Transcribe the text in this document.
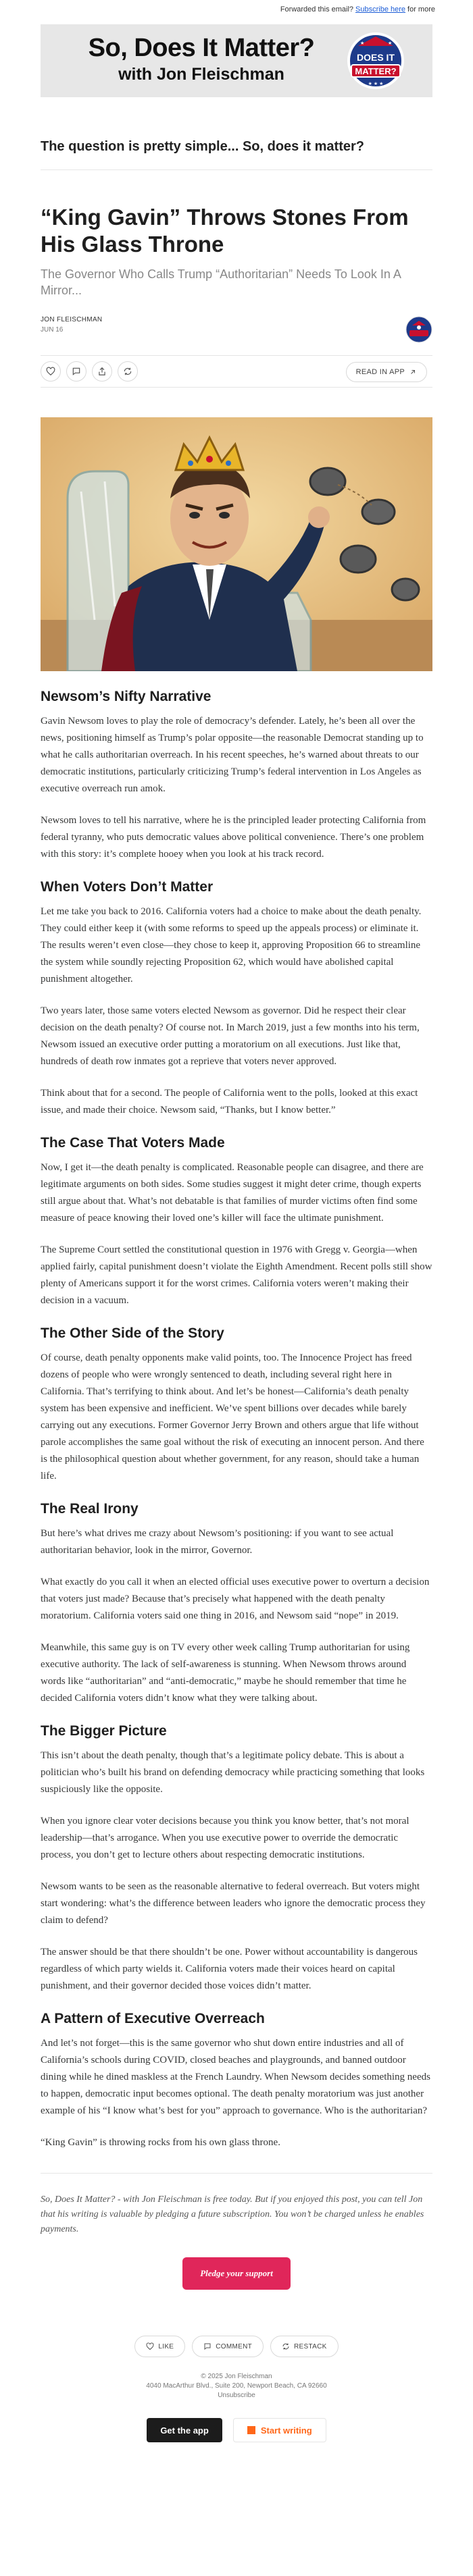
Forwarded this email? Subscribe here for more
So, Does It Matter?
with Jon Fleischman
★	★
DOES IT
MATTER?
★ ★ ★
The question is pretty simple... So, does it matter?
“King Gavin” Throws Stones From His Glass Throne
The Governor Who Calls Trump “Authoritarian” Needs To Look In A Mirror...
JON FLEISCHMAN
JUN 16
READ IN APP
Newsom’s Nifty Narrative

Gavin Newsom loves to play the role of democracy’s defender. Lately, he’s been all over the news, positioning himself as Trump’s polar opposite—the reasonable Democrat standing up to what he calls authoritarian overreach. In his recent speeches, he’s warned about threats to our democratic institutions, particularly criticizing Trump’s federal intervention in Los Angeles as executive overreach run amok.

Newsom loves to tell his narrative, where he is the principled leader protecting California from federal tyranny, who puts democratic values above political convenience. There’s one problem with this story: it’s complete hooey when you look at his track record.

When Voters Don’t Matter

Let me take you back to 2016. California voters had a choice to make about the death penalty. They could either keep it (with some reforms to speed up the appeals process) or eliminate it. The results weren’t even close—they chose to keep it, approving Proposition 66 to streamline the system while soundly rejecting Proposition 62, which would have abolished capital punishment altogether.

Two years later, those same voters elected Newsom as governor. Did he respect their clear decision on the death penalty? Of course not. In March 2019, just a few months into his term, Newsom issued an executive order putting a moratorium on all executions. Just like that, hundreds of death row inmates got a reprieve that voters never approved.

Think about that for a second. The people of California went to the polls, looked at this exact issue, and made their choice. Newsom said, “Thanks, but I know better.”

The Case That Voters Made

Now, I get it—the death penalty is complicated. Reasonable people can disagree, and there are legitimate arguments on both sides. Some studies suggest it might deter crime, though experts still argue about that. What’s not debatable is that families of murder victims often find some measure of peace knowing their loved one’s killer will face the ultimate punishment.

The Supreme Court settled the constitutional question in 1976 with Gregg v. Georgia—when applied fairly, capital punishment doesn’t violate the Eighth Amendment. Recent polls still show plenty of Americans support it for the worst crimes. California voters weren’t making their decision in a vacuum.

The Other Side of the Story

Of course, death penalty opponents make valid points, too. The Innocence Project has freed dozens of people who were wrongly sentenced to death, including several right here in California. That’s terrifying to think about. And let’s be honest—California’s death penalty system has been expensive and inefficient. We’ve spent billions over decades while barely carrying out any executions. Former Governor Jerry Brown and others argue that life without parole accomplishes the same goal without the risk of executing an innocent person. And there is the philosophical question about whether government, for any reason, should take a human life.

The Real Irony

But here’s what drives me crazy about Newsom’s positioning: if you want to see actual authoritarian behavior, look in the mirror, Governor.

What exactly do you call it when an elected official uses executive power to overturn a decision that voters just made? Because that’s precisely what happened with the death penalty moratorium. California voters said one thing in 2016, and Newsom said “nope” in 2019.

Meanwhile, this same guy is on TV every other week calling Trump authoritarian for using executive authority. The lack of self-awareness is stunning. When Newsom throws around words like “authoritarian” and “anti-democratic,” maybe he should remember that time he decided California voters didn’t know what they were talking about.

The Bigger Picture

This isn’t about the death penalty, though that’s a legitimate policy debate. This is about a politician who’s built his brand on defending democracy while practicing something that looks suspiciously like the opposite.

When you ignore clear voter decisions because you think you know better, that’s not moral leadership—that’s arrogance. When you use executive power to override the democratic process, you don’t get to lecture others about respecting democratic institutions.

Newsom wants to be seen as the reasonable alternative to federal overreach. But voters might start wondering: what’s the difference between leaders who ignore the democratic process they claim to defend?

The answer should be that there shouldn’t be one. Power without accountability is dangerous regardless of which party wields it. California voters made their voices heard on capital punishment, and their governor decided those voices didn’t matter.

A Pattern of Executive Overreach

And let’s not forget—this is the same governor who shut down entire industries and all of California’s schools during COVID, closed beaches and playgrounds, and banned outdoor dining while he dined maskless at the French Laundry. When Newsom decides something needs to happen, democratic input becomes optional. The death penalty moratorium was just another example of his “I know what’s best for you” approach to governance. Who is the authoritarian?

“King Gavin” is throwing rocks from his own glass throne.

So, Does It Matter? - with Jon Fleischman is free today. But if you enjoyed this post, you can tell Jon that his writing is valuable by pledging a future subscription. You won’t be charged unless he enables payments.
Pledge your support
LIKE	COMMENT	RESTACK
© 2025 Jon Fleischman
4040 MacArthur Blvd., Suite 200, Newport Beach, CA 92660
Unsubscribe
Get the app	Start writing
